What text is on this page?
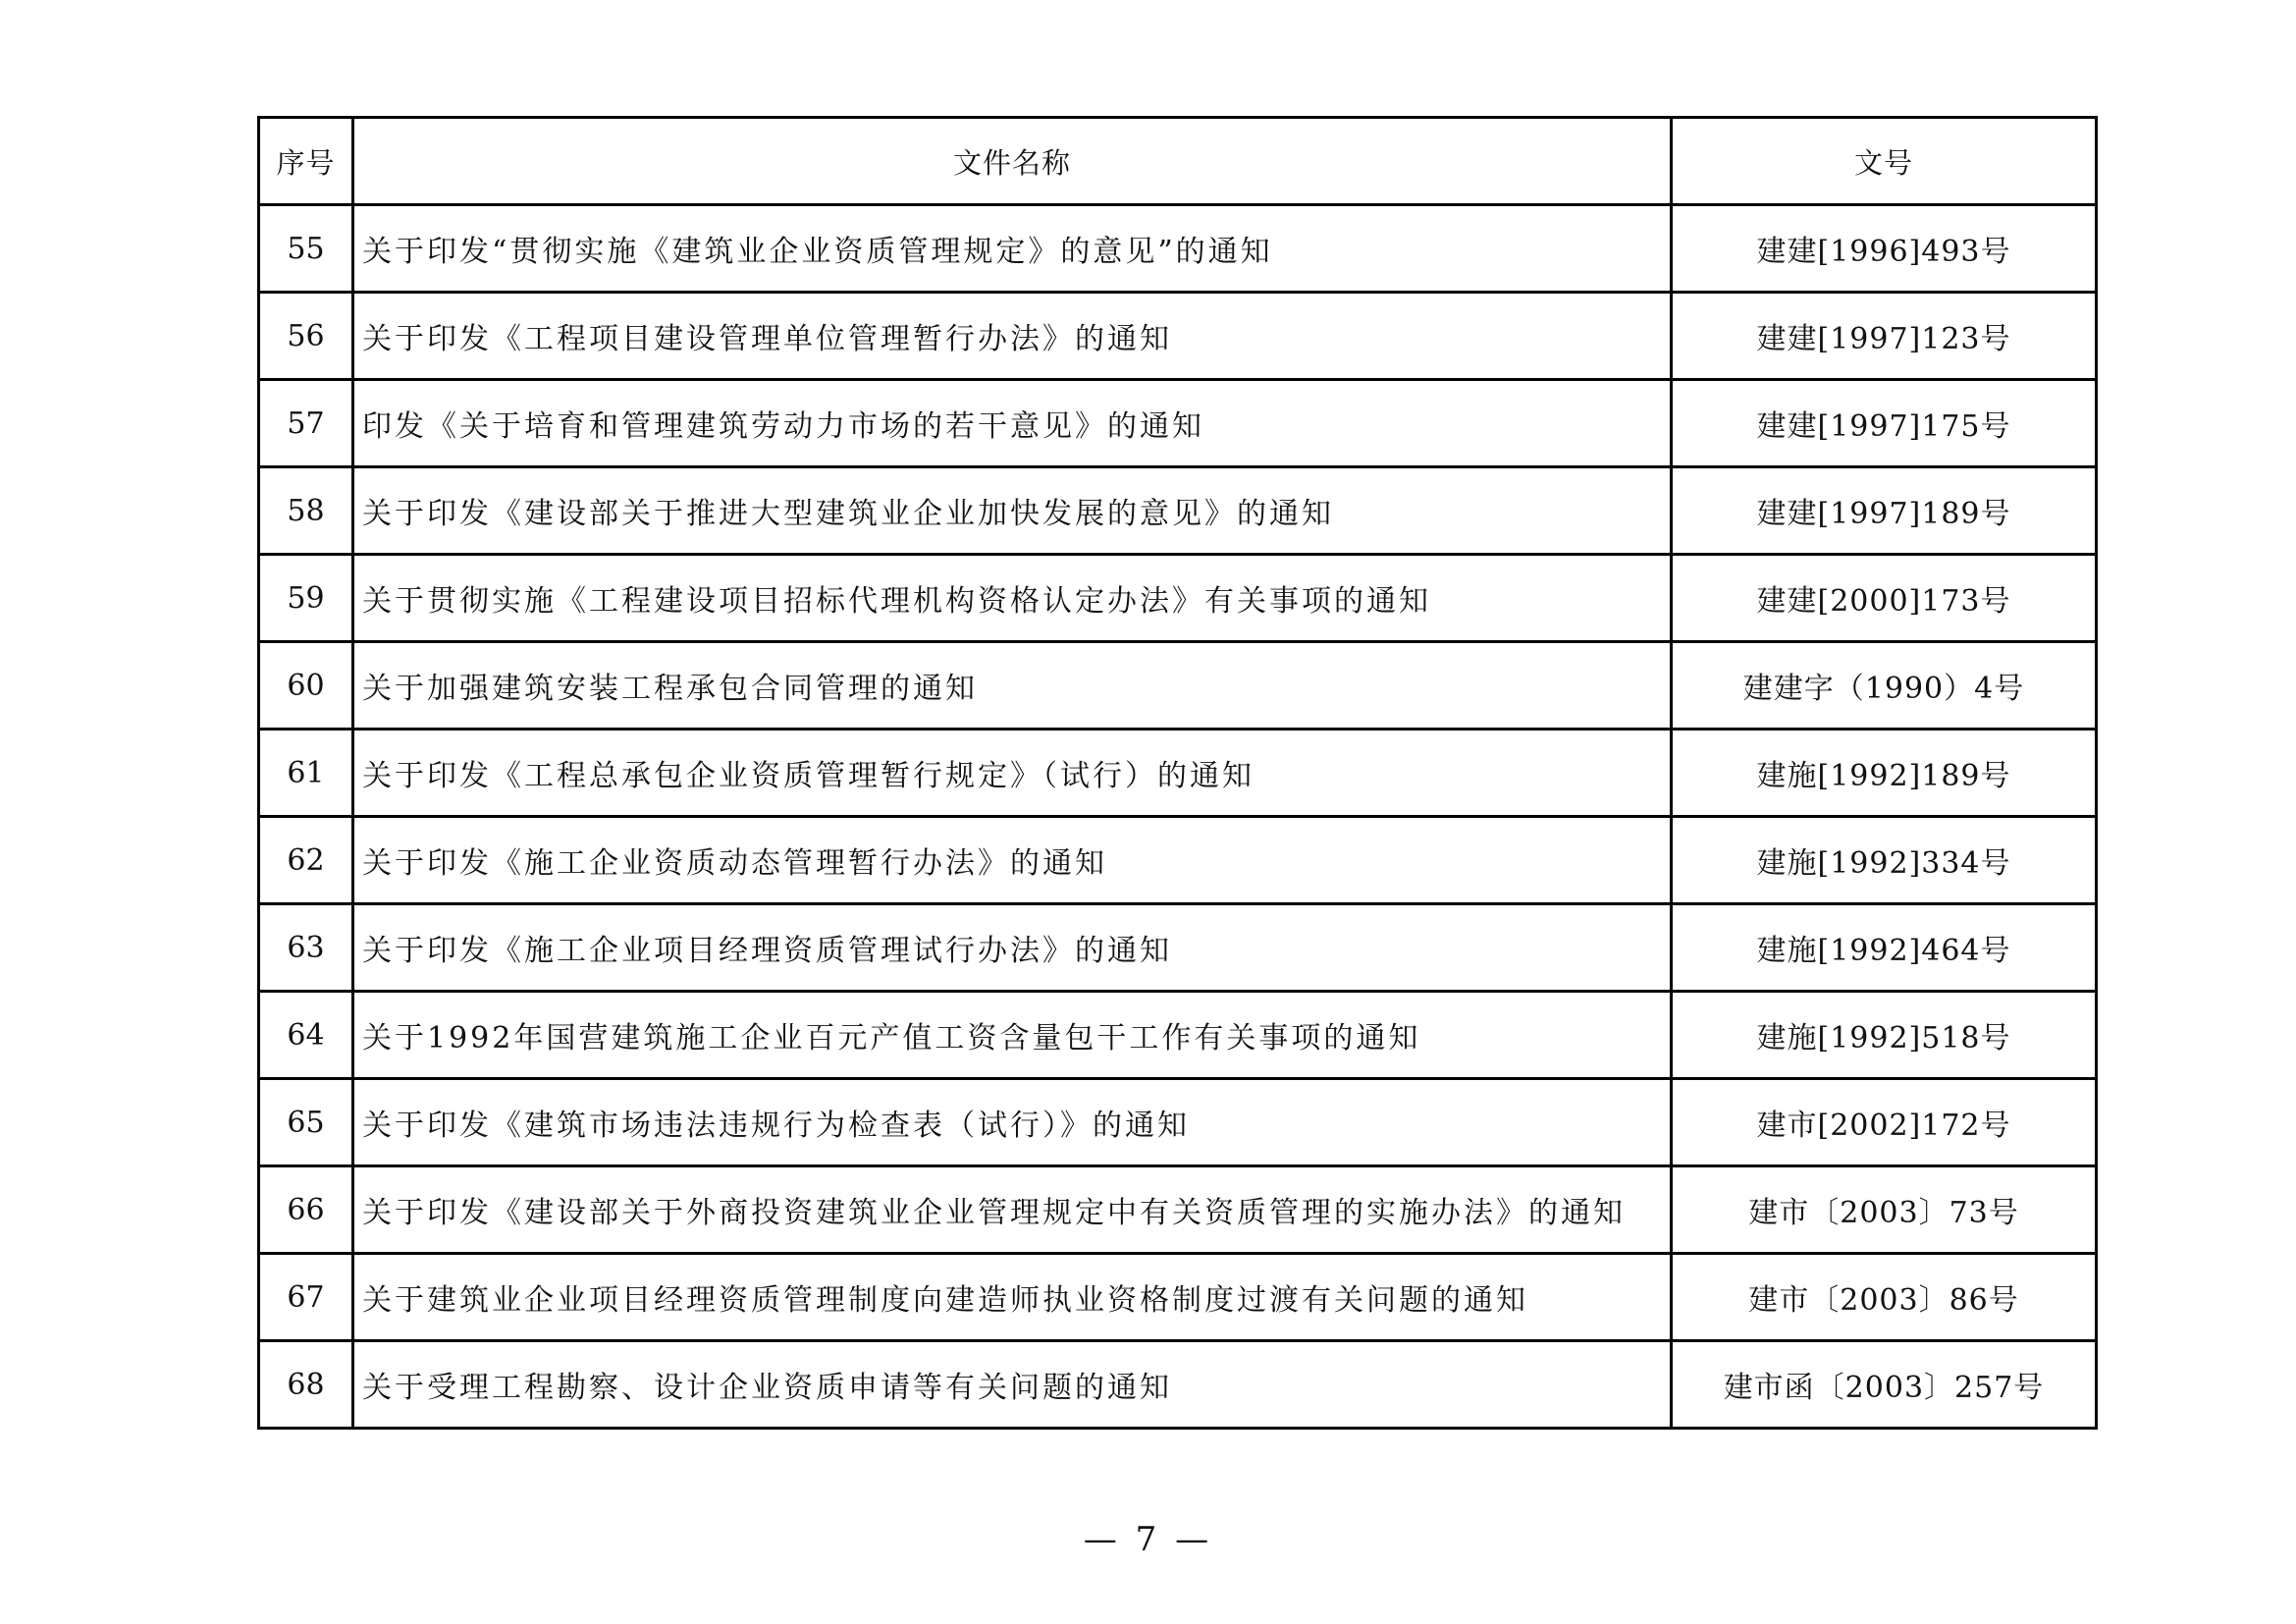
序号	文件名称	文号
55	关于印发“贯彻实施《建筑业企业资质管理规定》的意见”的通知	建建[1996]493号
56	关于印发《工程项目建设管理单位管理暂行办法》的通知	建建[1997]123号
57	印发《关于培育和管理建筑劳动力市场的若干意见》的通知	建建[1997]175号
58	关于印发《建设部关于推进大型建筑业企业加快发展的意见》的通知	建建[1997]189号
59	关于贯彻实施《工程建设项目招标代理机构资格认定办法》有关事项的通知	建建[2000]173号
60	关于加强建筑安装工程承包合同管理的通知	建建字（1990）4号
61	关于印发《工程总承包企业资质管理暂行规定》（试行）的通知	建施[1992]189号
62	关于印发《施工企业资质动态管理暂行办法》的通知	建施[1992]334号
63	关于印发《施工企业项目经理资质管理试行办法》的通知	建施[1992]464号
64	关于1992年国营建筑施工企业百元产值工资含量包干工作有关事项的通知	建施[1992]518号
65	关于印发《建筑市场违法违规行为检查表（试行）》的通知	建市[2002]172号
66	关于印发《建设部关于外商投资建筑业企业管理规定中有关资质管理的实施办法》的通知	建市〔2003〕73号
67	关于建筑业企业项目经理资质管理制度向建造师执业资格制度过渡有关问题的通知	建市〔2003〕86号
68	关于受理工程勘察、设计企业资质申请等有关问题的通知	建市函〔2003〕257号
— 7 —
